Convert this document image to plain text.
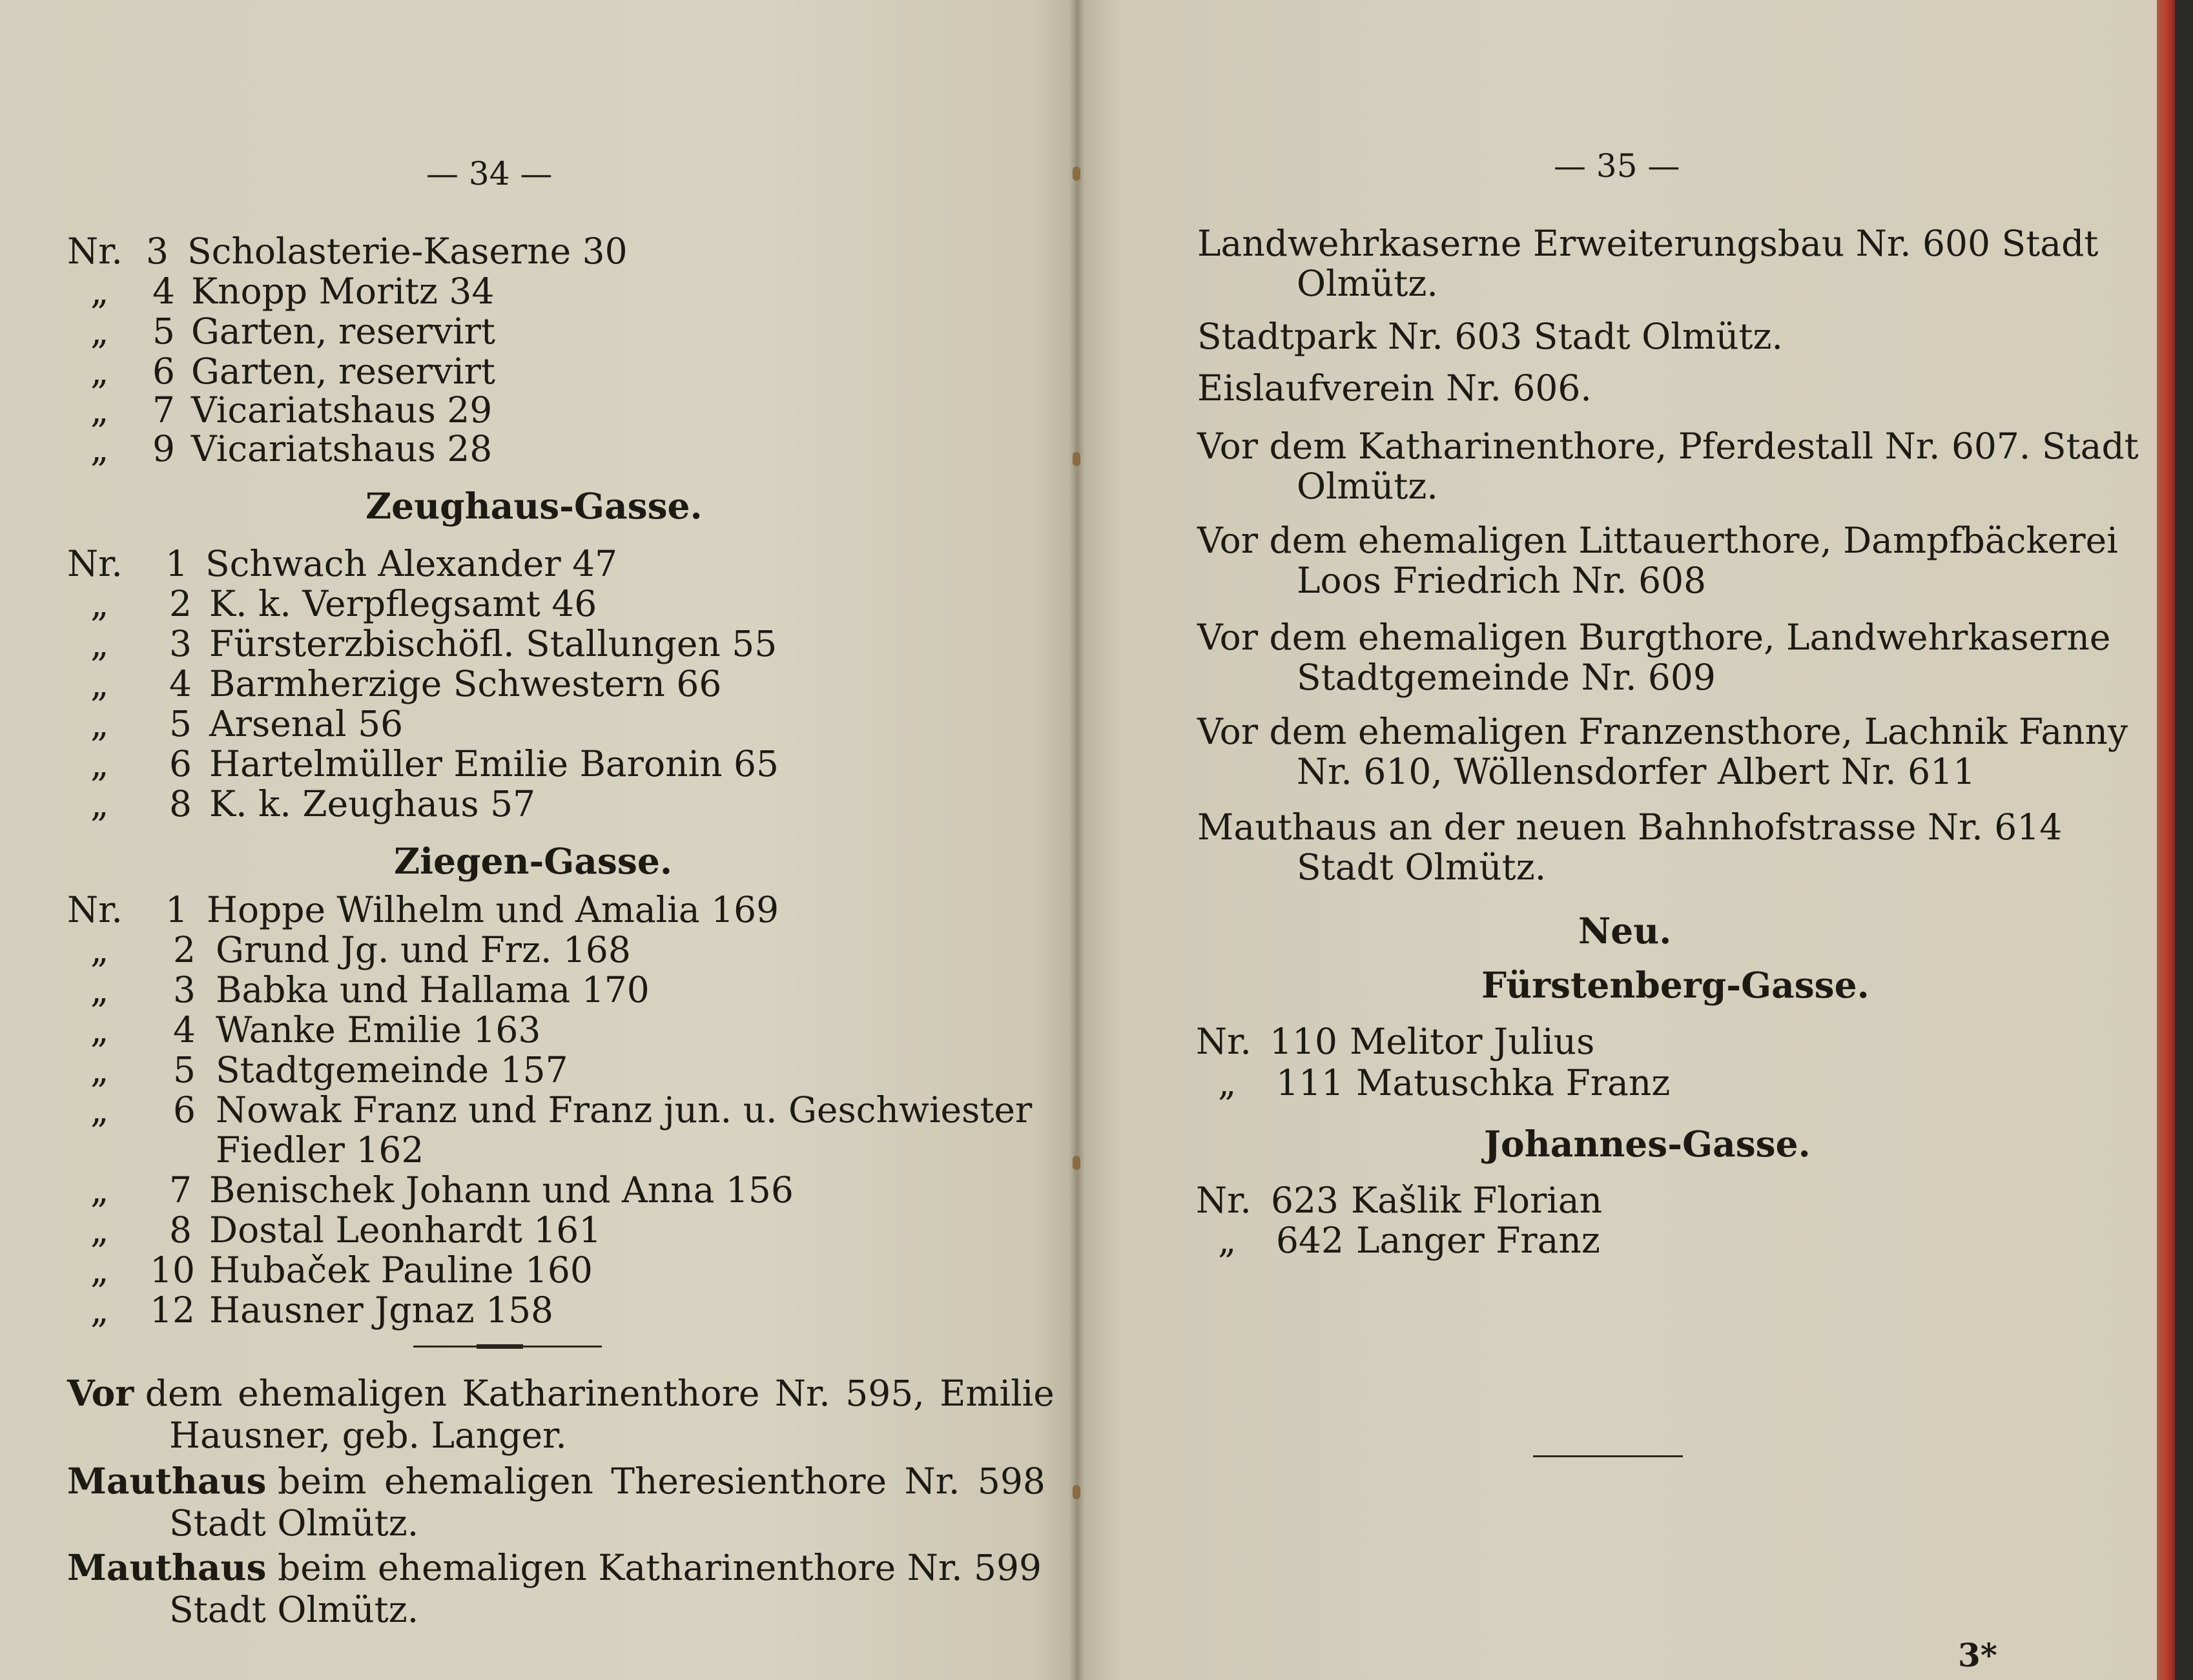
— 34 —
Nr. 3 Scholasterie-Kaserne 30
„ 4 Knopp Moritz 34
„ 5 Garten, reservirt
„ 6 Garten, reservirt
„ 7 Vicariatshaus 29
„ 9 Vicariatshaus 28
Zeughaus-Gasse.
Nr. 1 Schwach Alexander 47
„ 2 K. k. Verpflegsamt 46
„ 3 Fürsterzbischöfl. Stallungen 55
„ 4 Barmherzige Schwestern 66
„ 5 Arsenal 56
„ 6 Hartelmüller Emilie Baronin 65
„ 8 K. k. Zeughaus 57
Ziegen-Gasse.
Nr. 1 Hoppe Wilhelm und Amalia 169
„ 2 Grund Jg. und Frz. 168
„ 3 Babka und Hallama 170
„ 4 Wanke Emilie 163
„ 5 Stadtgemeinde 157
„ 6 Nowak Franz und Franz jun. u. Geschwiester
Fiedler 162
„ 7 Benischek Johann und Anna 156
„ 8 Dostal Leonhardt 161
„ 10 Hubaček Pauline 160
„ 12 Hausner Jgnaz 158
Vor dem ehemaligen Katharinenthore Nr. 595, Emilie
Hausner, geb. Langer.
Mauthaus beim ehemaligen Theresienthore Nr. 598
Stadt Olmütz.
Mauthaus beim ehemaligen Katharinenthore Nr. 599
Stadt Olmütz.
— 35 —
Landwehrkaserne Erweiterungsbau Nr. 600 Stadt
Olmütz.
Stadtpark Nr. 603 Stadt Olmütz.
Eislaufverein Nr. 606.
Vor dem Katharinenthore, Pferdestall Nr. 607. Stadt
Olmütz.
Vor dem ehemaligen Littauerthore, Dampfbäckerei
Loos Friedrich Nr. 608
Vor dem ehemaligen Burgthore, Landwehrkaserne
Stadtgemeinde Nr. 609
Vor dem ehemaligen Franzensthore, Lachnik Fanny
Nr. 610, Wöllensdorfer Albert Nr. 611
Mauthaus an der neuen Bahnhofstrasse Nr. 614
Stadt Olmütz.
Neu.
Fürstenberg-Gasse.
Nr. 110 Melitor Julius
„ 111 Matuschka Franz
Johannes-Gasse.
Nr. 623 Kašlik Florian
„ 642 Langer Franz
3*
